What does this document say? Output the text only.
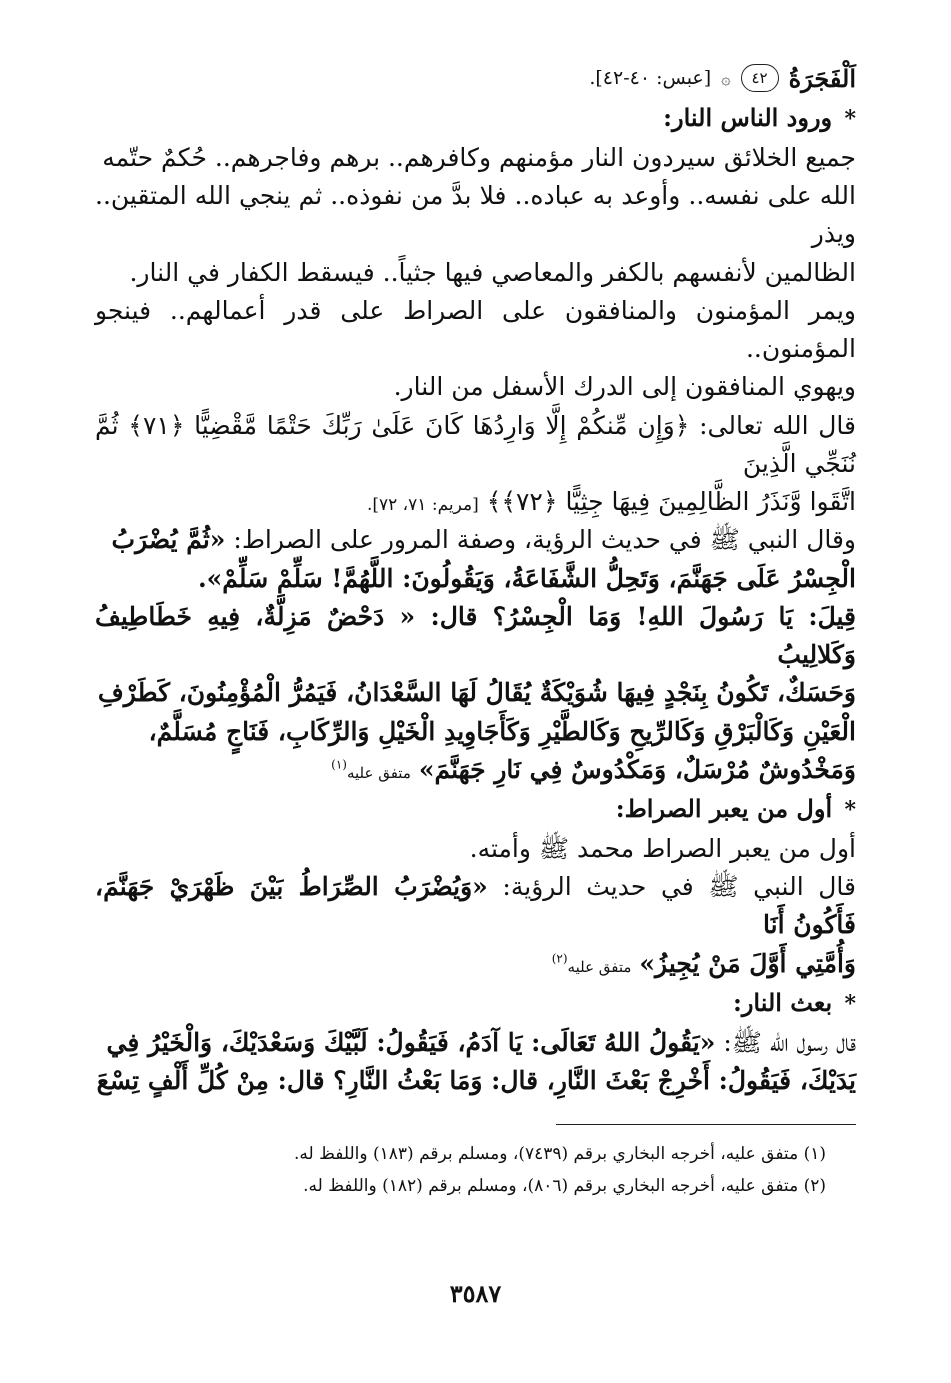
اَلْفَجَرَةُ
٤٢
۞
[عبس: ٤٠-٤٢].

* ورود الناس النار:

جميع الخلائق سيردون النار مؤمنهم وكافرهم.. برهم وفاجرهم.. حُكمٌ حتّمه

الله على نفسه.. وأوعد به عباده.. فلا بدَّ من نفوذه.. ثم ينجي الله المتقين.. ويذر

الظالمين لأنفسهم بالكفر والمعاصي فيها جثياً.. فيسقط الكفار في النار.

ويمر المؤمنون والمنافقون على الصراط على قدر أعمالهم.. فينجو المؤمنون..

ويهوي المنافقون إلى الدرك الأسفل من النار.

قال الله تعالى: ﴿وَإِن مِّنكُمْ إِلَّا وَارِدُهَا كَانَ عَلَىٰ رَبِّكَ حَتْمًا مَّقْضِيًّا ﴿٧١﴾ ثُمَّ نُنَجِّي الَّذِينَ

اتَّقَوا وَّنَذَرُ الظَّالِمِينَ فِيهَا جِثِيًّا ﴿٧٢﴾﴾ [مريم: ٧١، ٧٢].

وقال النبي ﷺ في حديث الرؤية، وصفة المرور على الصراط: «ثُمَّ يُضْرَبُ

الْجِسْرُ عَلَى جَهَنَّمَ، وَتَحِلُّ الشَّفَاعَةُ، وَيَقُولُونَ: اللَّهُمَّ! سَلِّمْ سَلِّمْ».

قِيلَ: يَا رَسُولَ اللهِ! وَمَا الْجِسْرُ؟ قال: « دَحْضٌ مَزِلَّةٌ، فِيهِ خَطَاطِيفُ وَكَلالِيبُ

وَحَسَكٌ، تَكُونُ بِنَجْدٍ فِيهَا شُوَيْكَةٌ يُقَالُ لَهَا السَّعْدَانُ، فَيَمُرُّ الْمُؤْمِنُونَ، كَطَرْفِ

الْعَيْنِ وَكَالْبَرْقِ وَكَالرِّيحِ وَكَالطَّيْرِ وَكَأَجَاوِيدِ الْخَيْلِ وَالرِّكَابِ، فَنَاجٍ مُسَلَّمٌ،

وَمَخْدُوشٌ مُرْسَلٌ، وَمَكْدُوسٌ فِي نَارِ جَهَنَّمَ» متفق عليه$^{(١)}$

* أول من يعبر الصراط:

أول من يعبر الصراط محمد ﷺ وأمته.

قال النبي ﷺ في حديث الرؤية: «وَيُضْرَبُ الصِّرَاطُ بَيْنَ ظَهْرَيْ جَهَنَّمَ، فَأَكُونُ أَنَا

وَأُمَّتِي أَوَّلَ مَنْ يُجِيزُ» متفق عليه$^{(٢)}$

* بعث النار:

قال رسول الله ﷺ: «يَقُولُ اللهُ تَعَالَى: يَا آدَمُ، فَيَقُولُ: لَبَّيْكَ وَسَعْدَيْكَ، وَالْخَيْرُ فِي

يَدَيْكَ، فَيَقُولُ: أَخْرِجْ بَعْثَ النَّارِ، قال: وَمَا بَعْثُ النَّارِ؟ قال: مِنْ كُلِّ أَلْفٍ تِسْعَ

(١) متفق عليه، أخرجه البخاري برقم (٧٤٣٩)، ومسلم برقم (١٨٣) واللفظ له.

(٢) متفق عليه، أخرجه البخاري برقم (٨٠٦)، ومسلم برقم (١٨٢) واللفظ له.

٣٥٨٧
